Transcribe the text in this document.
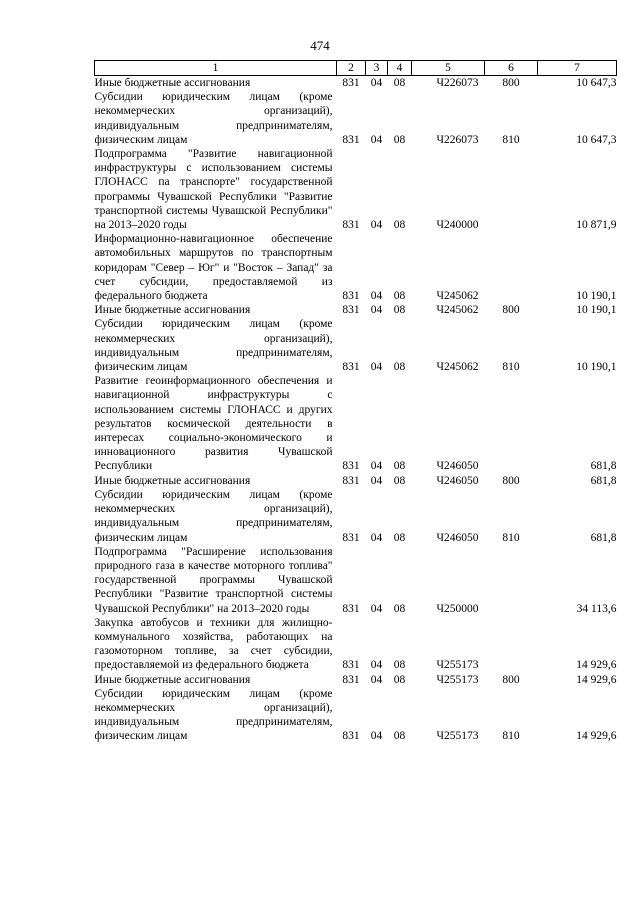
474
1	2	3	4	5	6	7
Иные бюджетные ассигнования	831	04	08	Ч226073	800	10 647,3
Субсидии юридическим лицам (кроме некоммерческих организаций), индивидуальным предпринимателям, физическим лицам	831	04	08	Ч226073	810	10 647,3
Подпрограмма "Развитие навигационной инфраструктуры с использованием системы ГЛОНАСС па транспорте" государственной программы Чувашской Республики "Развитие транспортной системы Чувашской Республики" на 2013–2020 годы	831	04	08	Ч240000		10 871,9
Информационно-навигационное обеспечение автомобильных маршрутов по транспортным коридорам "Север – Юг" и "Восток – Запад" за счет субсидии, предоставляемой из федерального бюджета	831	04	08	Ч245062		10 190,1
Иные бюджетные ассигнования	831	04	08	Ч245062	800	10 190,1
Субсидии юридическим лицам (кроме некоммерческих организаций), индивидуальным предпринимателям, физическим лицам	831	04	08	Ч245062	810	10 190,1
Развитие геоинформационного обеспечения и навигационной инфраструктуры с использованием системы ГЛОНАСС и других результатов космической деятельности в интересах социально-экономического и инновационного развития Чувашской Республики	831	04	08	Ч246050		681,8
Иные бюджетные ассигнования	831	04	08	Ч246050	800	681,8
Субсидии юридическим лицам (кроме некоммерческих организаций), индивидуальным предпринимателям, физическим лицам	831	04	08	Ч246050	810	681,8
Подпрограмма "Расширение использования природного газа в качестве моторного топлива" государственной программы Чувашской Республики "Развитие транспортной системы Чувашской Республики" на 2013–2020 годы	831	04	08	Ч250000		34 113,6
Закупка автобусов и техники для жилищно-коммунального хозяйства, работающих на газомоторном топливе, за счет субсидии, предоставляемой из федерального бюджета	831	04	08	Ч255173		14 929,6
Иные бюджетные ассигнования	831	04	08	Ч255173	800	14 929,6
Субсидии юридическим лицам (кроме некоммерческих организаций), индивидуальным предпринимателям, физическим лицам	831	04	08	Ч255173	810	14 929,6
